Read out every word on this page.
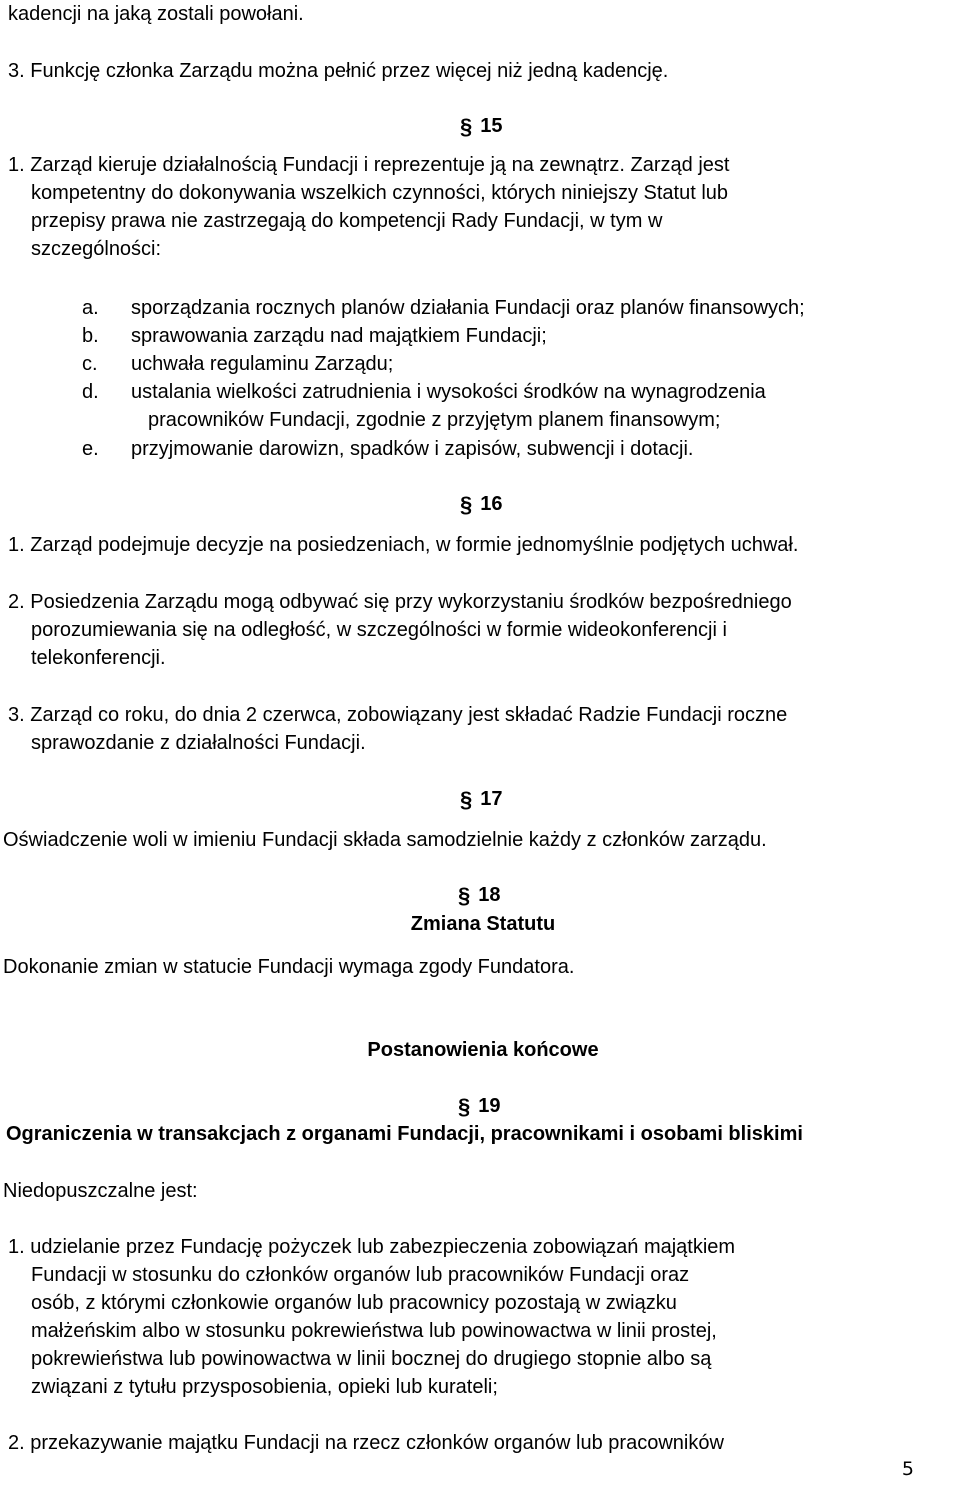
kadencji na jaką zostali powołani.
3. Funkcję członka Zarządu można pełnić przez więcej niż jedną kadencję.
§ 15
1. Zarząd kieruje działalnością Fundacji i reprezentuje ją na zewnątrz. Zarząd jest
kompetentny do dokonywania wszelkich czynności, których niniejszy Statut lub
przepisy prawa nie zastrzegają do kompetencji Rady Fundacji, w tym w
szczególności:
a. sporządzania rocznych planów działania Fundacji oraz planów finansowych;
b. sprawowania zarządu nad majątkiem Fundacji;
c. uchwała regulaminu Zarządu;
d. ustalania wielkości zatrudnienia i wysokości środków na wynagrodzenia
pracowników Fundacji, zgodnie z przyjętym planem finansowym;
e. przyjmowanie darowizn, spadków i zapisów, subwencji i dotacji.
§ 16
1. Zarząd podejmuje decyzje na posiedzeniach, w formie jednomyślnie podjętych uchwał.
2. Posiedzenia Zarządu mogą odbywać się przy wykorzystaniu środków bezpośredniego
porozumiewania się na odległość, w szczególności w formie wideokonferencji i
telekonferencji.
3. Zarząd co roku, do dnia 2 czerwca, zobowiązany jest składać Radzie Fundacji roczne
sprawozdanie z działalności Fundacji.
§ 17
Oświadczenie woli w imieniu Fundacji składa samodzielnie każdy z członków zarządu.
§ 18
Zmiana Statutu
Dokonanie zmian w statucie Fundacji wymaga zgody Fundatora.
Postanowienia końcowe
§ 19
Ograniczenia w transakcjach z organami Fundacji, pracownikami i osobami bliskimi
Niedopuszczalne jest:
1. udzielanie przez Fundację pożyczek lub zabezpieczenia zobowiązań majątkiem
Fundacji w stosunku do członków organów lub pracowników Fundacji oraz
osób, z którymi członkowie organów lub pracownicy pozostają w związku
małżeńskim albo w stosunku pokrewieństwa lub powinowactwa w linii prostej,
pokrewieństwa lub powinowactwa w linii bocznej do drugiego stopnie albo są
związani z tytułu przysposobienia, opieki lub kurateli;
2. przekazywanie majątku Fundacji na rzecz członków organów lub pracowników
5
